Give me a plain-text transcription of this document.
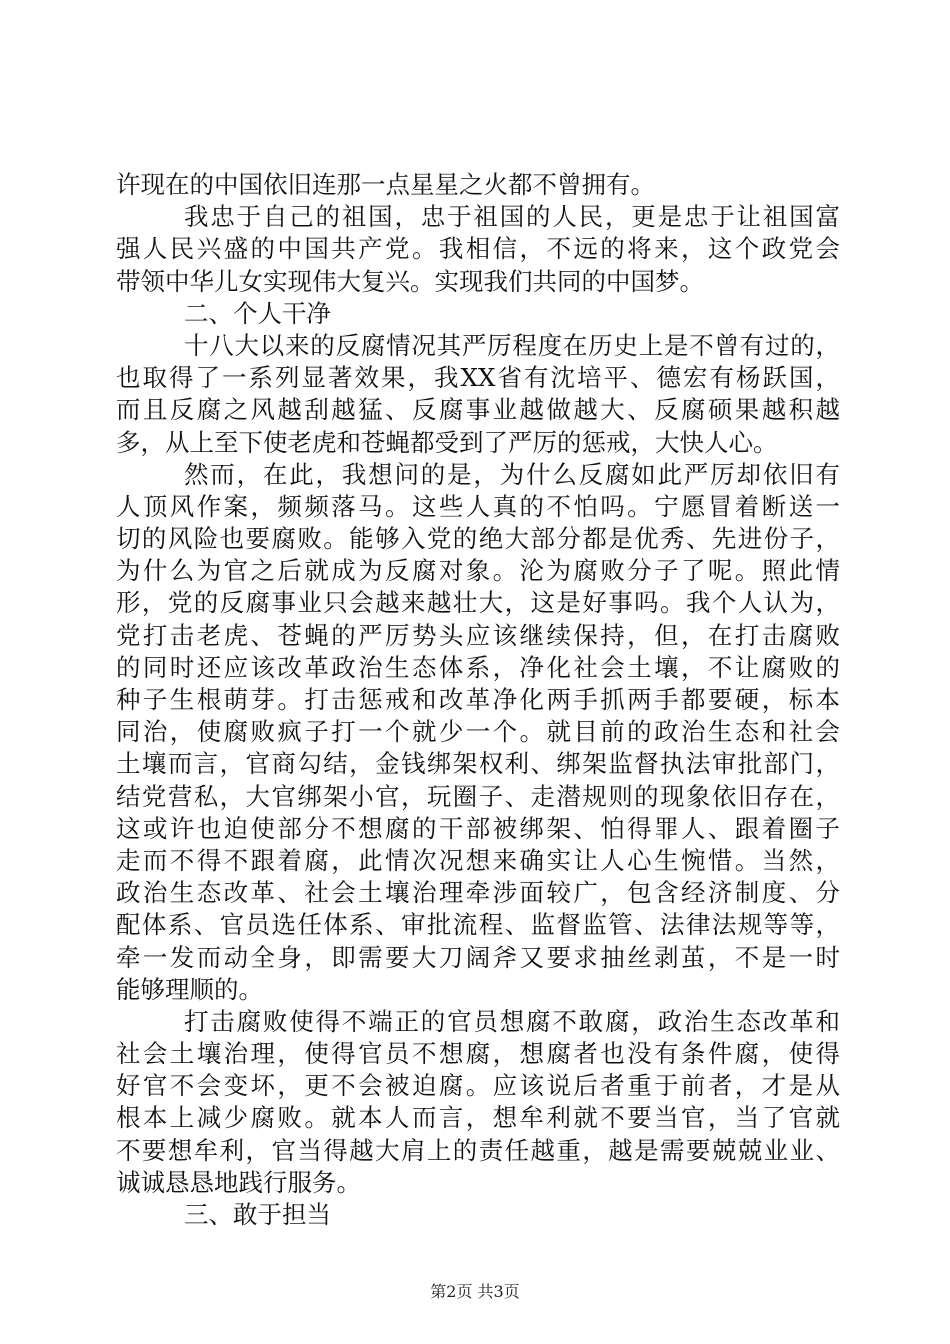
许现在的中国依旧连那一点星星之火都不曾拥有。
我忠于自己的祖国，忠于祖国的人民，更是忠于让祖国富
强人民兴盛的中国共产党。我相信，不远的将来，这个政党会
带领中华儿女实现伟大复兴。实现我们共同的中国梦。
二、个人干净
十八大以来的反腐情况其严厉程度在历史上是不曾有过的，
也取得了一系列显著效果，我XX省有沈培平、德宏有杨跃国，
而且反腐之风越刮越猛、反腐事业越做越大、反腐硕果越积越
多，从上至下使老虎和苍蝇都受到了严厉的惩戒，大快人心。
然而，在此，我想问的是，为什么反腐如此严厉却依旧有
人顶风作案，频频落马。这些人真的不怕吗。宁愿冒着断送一
切的风险也要腐败。能够入党的绝大部分都是优秀、先进份子，
为什么为官之后就成为反腐对象。沦为腐败分子了呢。照此情
形，党的反腐事业只会越来越壮大，这是好事吗。我个人认为，
党打击老虎、苍蝇的严厉势头应该继续保持，但，在打击腐败
的同时还应该改革政治生态体系，净化社会土壤，不让腐败的
种子生根萌芽。打击惩戒和改革净化两手抓两手都要硬，标本
同治，使腐败疯子打一个就少一个。就目前的政治生态和社会
土壤而言，官商勾结，金钱绑架权利、绑架监督执法审批部门，
结党营私，大官绑架小官，玩圈子、走潜规则的现象依旧存在，
这或许也迫使部分不想腐的干部被绑架、怕得罪人、跟着圈子
走而不得不跟着腐，此情次况想来确实让人心生惋惜。当然，
政治生态改革、社会土壤治理牵涉面较广，包含经济制度、分
配体系、官员选任体系、审批流程、监督监管、法律法规等等，
牵一发而动全身，即需要大刀阔斧又要求抽丝剥茧，不是一时
能够理顺的。
打击腐败使得不端正的官员想腐不敢腐，政治生态改革和
社会土壤治理，使得官员不想腐，想腐者也没有条件腐，使得
好官不会变坏，更不会被迫腐。应该说后者重于前者，才是从
根本上减少腐败。就本人而言，想牟利就不要当官，当了官就
不要想牟利，官当得越大肩上的责任越重，越是需要兢兢业业、
诚诚恳恳地践行服务。
三、敢于担当
第2页 共3页
